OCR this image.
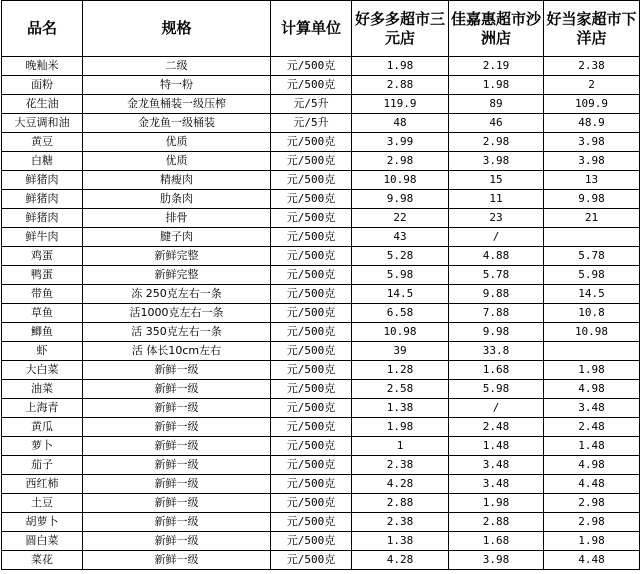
品名	规格	计算单位	好多多超市三元店	佳嘉惠超市沙洲店	好当家超市下洋店
晚籼米	二级	元/500克	1.98	2.19	2.38
面粉	特一粉	元/500克	2.88	1.98	2
花生油	金龙鱼桶装一级压榨	元/5升	119.9	89	109.9
大豆调和油	金龙鱼一级桶装	元/5升	48	46	48.9
黄豆	优质	元/500克	3.99	2.98	3.98
白糖	优质	元/500克	2.98	3.98	3.98
鲜猪肉	精瘦肉	元/500克	10.98	15	13
鲜猪肉	肋条肉	元/500克	9.98	11	9.98
鲜猪肉	排骨	元/500克	22	23	21
鲜牛肉	腱子肉	元/500克	43	/	
鸡蛋	新鲜完整	元/500克	5.28	4.88	5.78
鸭蛋	新鲜完整	元/500克	5.98	5.78	5.98
带鱼	冻 250克左右一条	元/500克	14.5	9.88	14.5
草鱼	活1000克左右一条	元/500克	6.58	7.88	10.8
鲫鱼	活 350克左右一条	元/500克	10.98	9.98	10.98
虾	活 体长10cm左右	元/500克	39	33.8	
大白菜	新鲜一级	元/500克	1.28	1.68	1.98
油菜	新鲜一级	元/500克	2.58	5.98	4.98
上海青	新鲜一级	元/500克	1.38	/	3.48
黄瓜	新鲜一级	元/500克	1.98	2.48	2.48
萝卜	新鲜一级	元/500克	1	1.48	1.48
茄子	新鲜一级	元/500克	2.38	3.48	4.98
西红柿	新鲜一级	元/500克	4.28	3.48	4.48
土豆	新鲜一级	元/500克	2.88	1.98	2.98
胡萝卜	新鲜一级	元/500克	2.38	2.88	2.98
圆白菜	新鲜一级	元/500克	1.38	1.68	1.98
菜花	新鲜一级	元/500克	4.28	3.98	4.48
